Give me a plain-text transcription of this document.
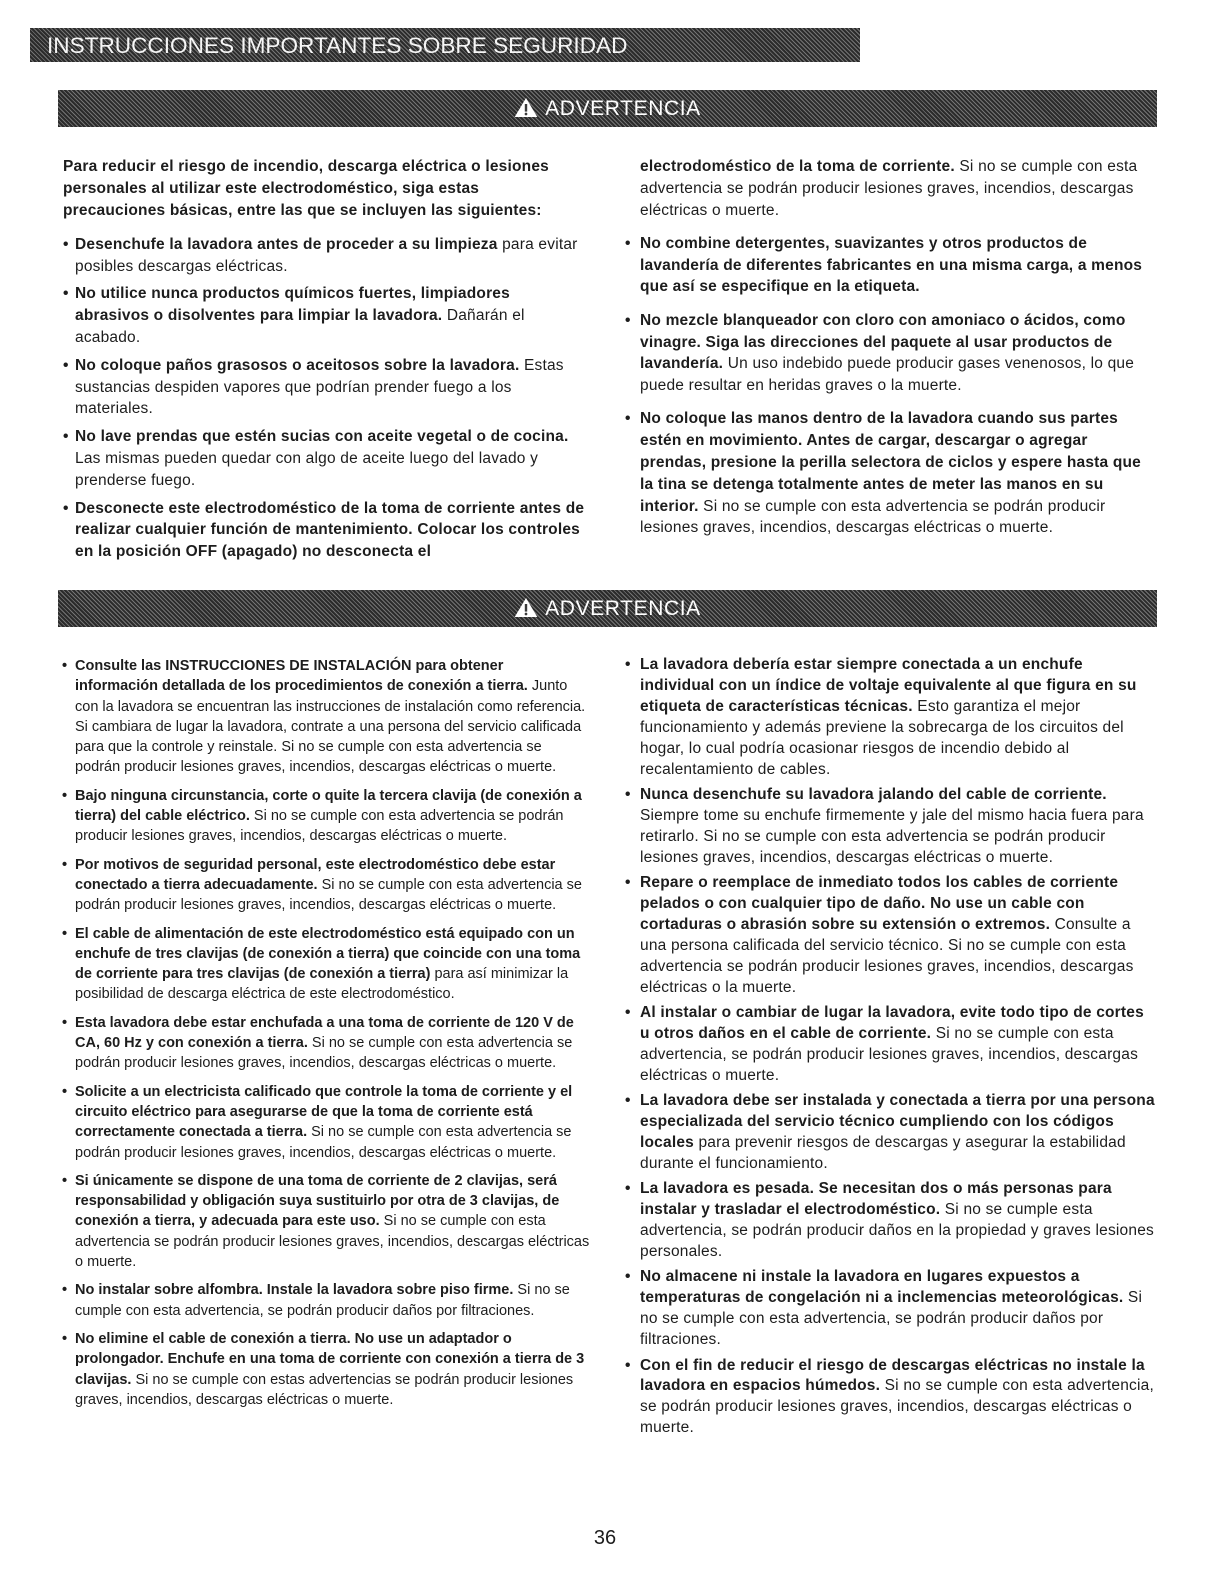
INSTRUCCIONES IMPORTANTES SOBRE SEGURIDAD
ADVERTENCIA

Para reducir el riesgo de incendio, descarga eléctrica o lesiones personales al utilizar este electrodoméstico, siga estas precauciones básicas, entre las que se incluyen las siguientes:

• Desenchufe la lavadora antes de proceder a su limpieza para evitar posibles descargas eléctricas.

• No utilice nunca productos químicos fuertes, limpiadores abrasivos o disolventes para limpiar la lavadora. Dañarán el acabado.

• No coloque paños grasosos o aceitosos sobre la lavadora. Estas sustancias despiden vapores que podrían prender fuego a los materiales.

• No lave prendas que estén sucias con aceite vegetal o de cocina. Las mismas pueden quedar con algo de aceite luego del lavado y prenderse fuego.

• Desconecte este electrodoméstico de la toma de corriente antes de realizar cualquier función de mantenimiento. Colocar los controles en la posición OFF (apagado) no desconecta el

electrodoméstico de la toma de corriente. Si no se cumple con esta advertencia se podrán producir lesiones graves, incendios, descargas eléctricas o muerte.

• No combine detergentes, suavizantes y otros productos de lavandería de diferentes fabricantes en una misma carga, a menos que así se especifique en la etiqueta.

• No mezcle blanqueador con cloro con amoniaco o ácidos, como vinagre. Siga las direcciones del paquete al usar productos de lavandería. Un uso indebido puede producir gases venenosos, lo que puede resultar en heridas graves o la muerte.

• No coloque las manos dentro de la lavadora cuando sus partes estén en movimiento. Antes de cargar, descargar o agregar prendas, presione la perilla selectora de ciclos y espere hasta que la tina se detenga totalmente antes de meter las manos en su interior. Si no se cumple con esta advertencia se podrán producir lesiones graves, incendios, descargas eléctricas o muerte.

ADVERTENCIA

• Consulte las INSTRUCCIONES DE INSTALACIÓN para obtener información detallada de los procedimientos de conexión a tierra. Junto con la lavadora se encuentran las instrucciones de instalación como referencia. Si cambiara de lugar la lavadora, contrate a una persona del servicio calificada para que la controle y reinstale. Si no se cumple con esta advertencia se podrán producir lesiones graves, incendios, descargas eléctricas o muerte.

• Bajo ninguna circunstancia, corte o quite la tercera clavija (de conexión a tierra) del cable eléctrico. Si no se cumple con esta advertencia se podrán producir lesiones graves, incendios, descargas eléctricas o muerte.

• Por motivos de seguridad personal, este electrodoméstico debe estar conectado a tierra adecuadamente. Si no se cumple con esta advertencia se podrán producir lesiones graves, incendios, descargas eléctricas o muerte.

• El cable de alimentación de este electrodoméstico está equipado con un enchufe de tres clavijas (de conexión a tierra) que coincide con una toma de corriente para tres clavijas (de conexión a tierra) para así minimizar la posibilidad de descarga eléctrica de este electrodoméstico.

• Esta lavadora debe estar enchufada a una toma de corriente de 120 V de CA, 60 Hz y con conexión a tierra. Si no se cumple con esta advertencia se podrán producir lesiones graves, incendios, descargas eléctricas o muerte.

• Solicite a un electricista calificado que controle la toma de corriente y el circuito eléctrico para asegurarse de que la toma de corriente está correctamente conectada a tierra. Si no se cumple con esta advertencia se podrán producir lesiones graves, incendios, descargas eléctricas o muerte.

• Si únicamente se dispone de una toma de corriente de 2 clavijas, será responsabilidad y obligación suya sustituirlo por otra de 3 clavijas, de conexión a tierra, y adecuada para este uso. Si no se cumple con esta advertencia se podrán producir lesiones graves, incendios, descargas eléctricas o muerte.

• No instalar sobre alfombra. Instale la lavadora sobre piso firme. Si no se cumple con esta advertencia, se podrán producir daños por filtraciones.

• No elimine el cable de conexión a tierra. No use un adaptador o prolongador. Enchufe en una toma de corriente con conexión a tierra de 3 clavijas. Si no se cumple con estas advertencias se podrán producir lesiones graves, incendios, descargas eléctricas o muerte.

• La lavadora debería estar siempre conectada a un enchufe individual con un índice de voltaje equivalente al que figura en su etiqueta de características técnicas. Esto garantiza el mejor funcionamiento y además previene la sobrecarga de los circuitos del hogar, lo cual podría ocasionar riesgos de incendio debido al recalentamiento de cables.

• Nunca desenchufe su lavadora jalando del cable de corriente. Siempre tome su enchufe firmemente y jale del mismo hacia fuera para retirarlo. Si no se cumple con esta advertencia se podrán producir lesiones graves, incendios, descargas eléctricas o muerte.

• Repare o reemplace de inmediato todos los cables de corriente pelados o con cualquier tipo de daño. No use un cable con cortaduras o abrasión sobre su extensión o extremos. Consulte a una persona calificada del servicio técnico. Si no se cumple con esta advertencia se podrán producir lesiones graves, incendios, descargas eléctricas o la muerte.

• Al instalar o cambiar de lugar la lavadora, evite todo tipo de cortes u otros daños en el cable de corriente. Si no se cumple con esta advertencia, se podrán producir lesiones graves, incendios, descargas eléctricas o muerte.

• La lavadora debe ser instalada y conectada a tierra por una persona especializada del servicio técnico cumpliendo con los códigos locales para prevenir riesgos de descargas y asegurar la estabilidad durante el funcionamiento.

• La lavadora es pesada. Se necesitan dos o más personas para instalar y trasladar el electrodoméstico. Si no se cumple esta advertencia, se podrán producir daños en la propiedad y graves lesiones personales.

• No almacene ni instale la lavadora en lugares expuestos a temperaturas de congelación ni a inclemencias meteorológicas. Si no se cumple con esta advertencia, se podrán producir daños por filtraciones.

• Con el fin de reducir el riesgo de descargas eléctricas no instale la lavadora en espacios húmedos. Si no se cumple con esta advertencia, se podrán producir lesiones graves, incendios, descargas eléctricas o muerte.

36
